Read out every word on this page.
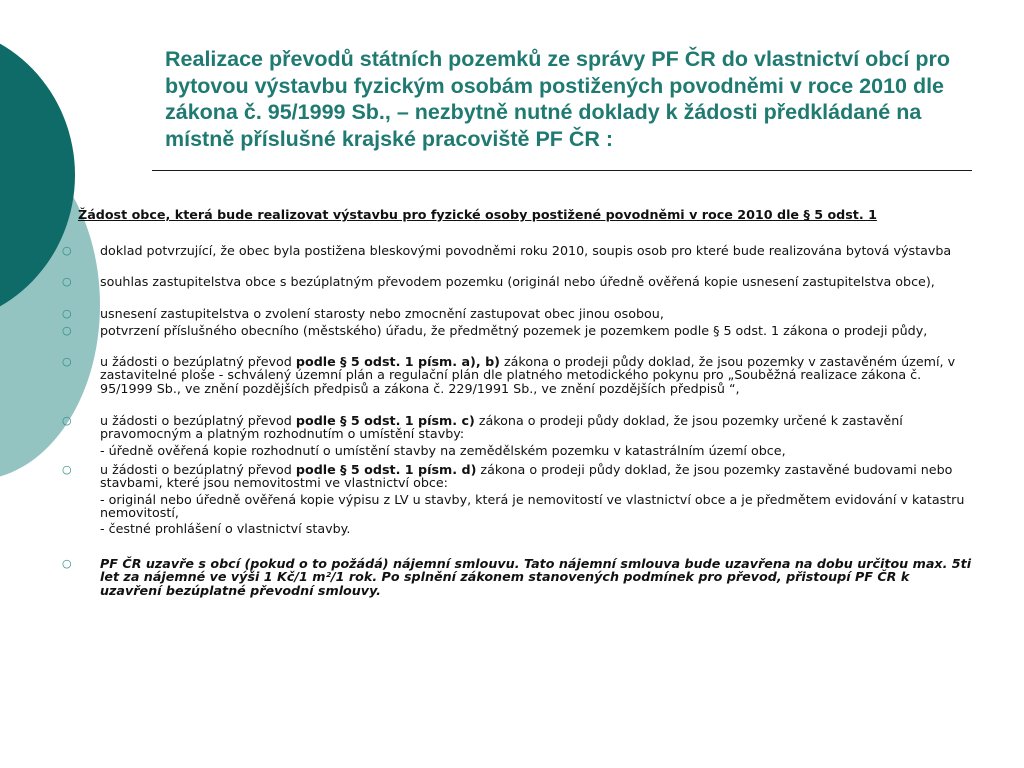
Realizace převodů státních pozemků ze správy PF ČR do vlastnictví obcí pro bytovou výstavbu fyzickým osobám postižených povodněmi v roce 2010 dle zákona č. 95/1999 Sb., – nezbytně nutné doklady k žádosti předkládané na místně příslušné krajské pracoviště PF ČR :

Žádost obce, která bude realizovat výstavbu pro fyzické osoby postižené povodněmi v roce 2010 dle § 5 odst. 1

○ doklad potvrzující, že obec byla postižena bleskovými povodněmi roku 2010, soupis osob pro které bude realizována bytová výstavba
○ souhlas zastupitelstva obce s bezúplatným převodem pozemku (originál nebo úředně ověřená kopie usnesení zastupitelstva obce),
○ usnesení zastupitelstva o zvolení starosty nebo zmocnění zastupovat obec jinou osobou,
○ potvrzení příslušného obecního (městského) úřadu, že předmětný pozemek je pozemkem podle § 5 odst. 1 zákona o prodeji půdy,
○ u žádosti o bezúplatný převod podle § 5 odst. 1 písm. a), b) zákona o prodeji půdy doklad, že jsou pozemky v zastavěném území, v zastavitelné ploše - schválený územní plán a regulační plán dle platného metodického pokynu pro „Souběžná realizace zákona č. 95/1999 Sb., ve znění pozdějších předpisů a zákona č. 229/1991 Sb., ve znění pozdějších předpisů “,
○ u žádosti o bezúplatný převod podle § 5 odst. 1 písm. c) zákona o prodeji půdy doklad, že jsou pozemky určené k zastavění pravomocným a platným rozhodnutím o umístění stavby:
- úředně ověřená kopie rozhodnutí o umístění stavby na zemědělském pozemku v katastrálním území obce,
○ u žádosti o bezúplatný převod podle § 5 odst. 1 písm. d) zákona o prodeji půdy doklad, že jsou pozemky zastavěné budovami nebo stavbami, které jsou nemovitostmi ve vlastnictví obce:
- originál nebo úředně ověřená kopie výpisu z LV u stavby, která je nemovitostí ve vlastnictví obce a je předmětem evidování v katastru nemovitostí,
- čestné prohlášení o vlastnictví stavby.
○ PF ČR uzavře s obcí (pokud o to požádá) nájemní smlouvu. Tato nájemní smlouva bude uzavřena na dobu určitou max. 5ti let za nájemné ve výši 1 Kč/1 m²/1 rok. Po splnění zákonem stanovených podmínek pro převod, přistoupí PF ČR k uzavření bezúplatné převodní smlouvy.
